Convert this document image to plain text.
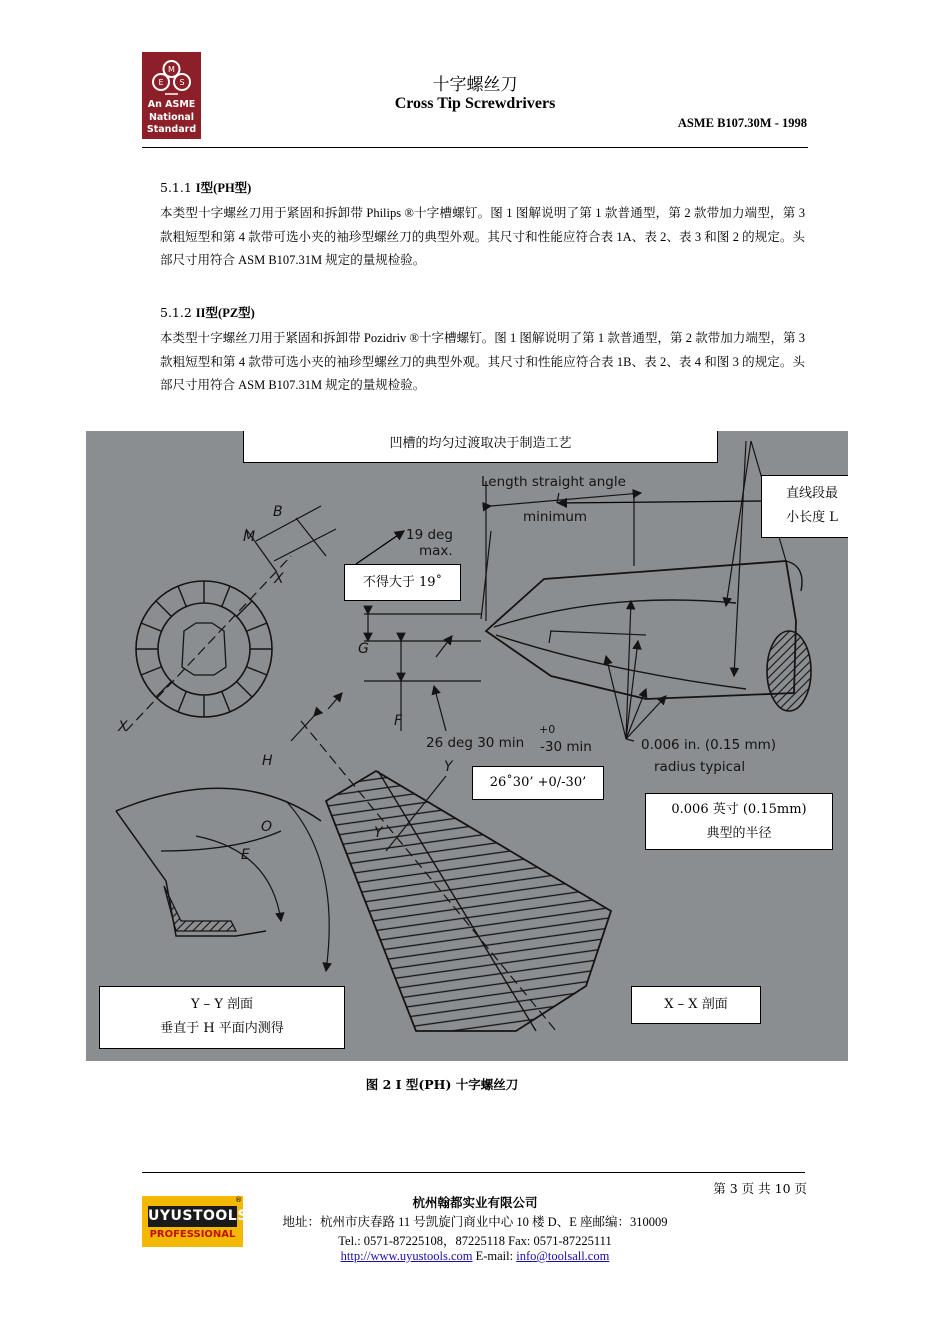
M
E S
An ASME
National
Standard
十字螺丝刀
Cross Tip Screwdrivers
ASME B107.30M - 1998
5.1.1 I型(PH型)

本类型十字螺丝刀用于紧固和拆卸带 Philips ®十字槽螺钉。图 1 图解说明了第 1 款普通型，第 2 款带加力端型，第 3 款粗短型和第 4 款带可选小夹的袖珍型螺丝刀的典型外观。其尺寸和性能应符合表 1A、表 2、表 3 和图 2 的规定。头部尺寸用符合 ASM B107.31M 规定的量规检验。

5.1.2 II型(PZ型)

本类型十字螺丝刀用于紧固和拆卸带 Pozidriv ®十字槽螺钉。图 1 图解说明了第 1 款普通型，第 2 款带加力端型，第 3 款粗短型和第 4 款带可选小夹的袖珍型螺丝刀的典型外观。其尺寸和性能应符合表 1B、表 2、表 4 和图 3 的规定。头部尺寸用符合 ASM B107.31M 规定的量规检验。

B
M
X
X
Length straight angle
L
minimum
19 deg
max.
G
F
26 deg 30 min
+0
-30 min	0.006 in. (0.15 mm)
radius typical
H	Y
Y
O
E
凹槽的均匀过渡取决于制造工艺
直线段最
小长度 L
不得大于 19˚
26˚30’ +0/-30’
0.006 英寸 (0.15mm)
典型的半径
Y – Y 剖面
垂直于 H 平面内测得
X – X 剖面
图 2 I 型(PH) 十字螺丝刀
第 3 页 共 10 页
UYUSTOOLS
PROFESSIONAL
®	杭州翰都实业有限公司
地址：杭州市庆春路 11 号凯旋门商业中心 10 楼 D、E 座邮编：310009
Tel.: 0571-87225108，87225118 Fax: 0571-87225111
http://www.uyustools.com E-mail: info@toolsall.com
